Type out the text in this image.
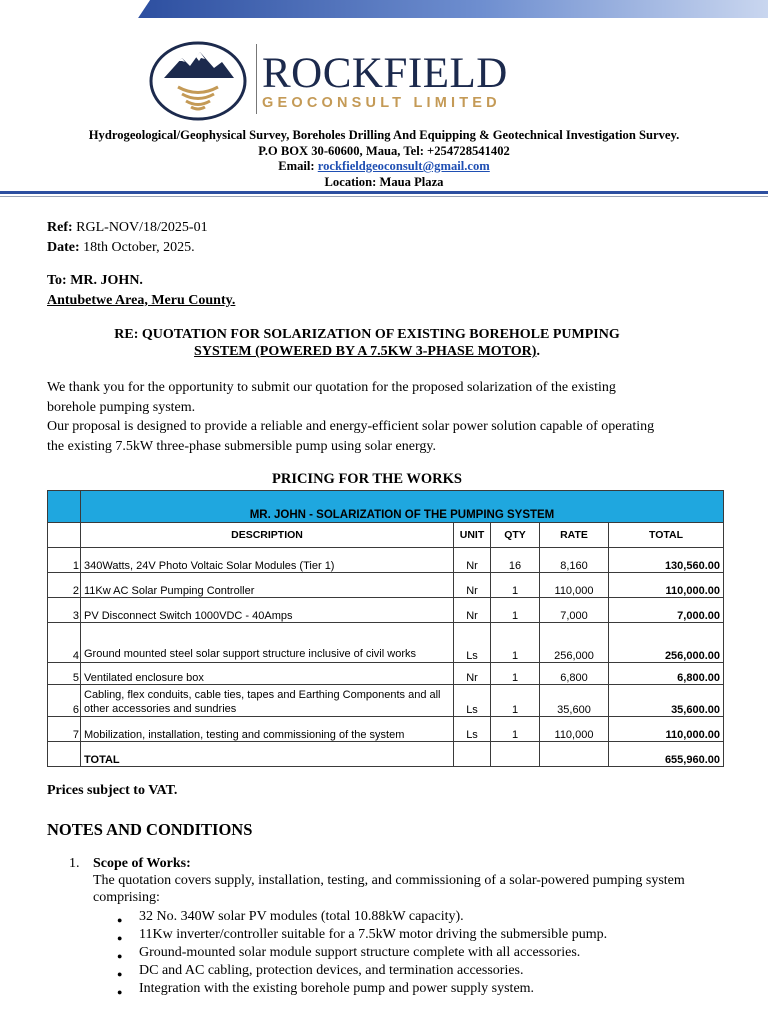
ROCKFIELD
GEOCONSULT LIMITED
Hydrogeological/Geophysical Survey, Boreholes Drilling And Equipping & Geotechnical Investigation Survey.
P.O BOX 30-60600, Maua, Tel: +254728541402
Email: rockfieldgeoconsult@gmail.com
Location: Maua Plaza

Ref: RGL-NOV/18/2025-01

Date: 18th October, 2025.

To: MR. JOHN.

Antubetwe Area, Meru County.

RE: QUOTATION FOR SOLARIZATION OF EXISTING BOREHOLE PUMPING
SYSTEM (POWERED BY A 7.5KW 3-PHASE MOTOR).

We thank you for the opportunity to submit our quotation for the proposed solarization of the existing borehole pumping system.

Our proposal is designed to provide a reliable and energy-efficient solar power solution capable of operating the existing 7.5kW three-phase submersible pump using solar energy.

PRICING FOR THE WORKS
	MR. JOHN - SOLARIZATION OF THE PUMPING SYSTEM				
	DESCRIPTION	UNIT	QTY	RATE	TOTAL
1	340Watts, 24V Photo Voltaic Solar Modules (Tier 1)	Nr	16	8,160	130,560.00
2	11Kw AC Solar Pumping Controller	Nr	1	110,000	110,000.00
3	PV Disconnect Switch 1000VDC - 40Amps	Nr	1	7,000	7,000.00
4	Ground mounted steel solar support structure inclusive of civil works	Ls	1	256,000	256,000.00
5	Ventilated enclosure box	Nr	1	6,800	6,800.00
6	Cabling, flex conduits, cable ties, tapes and Earthing Components and all other accessories and sundries	Ls	1	35,600	35,600.00
7	Mobilization, installation, testing and commissioning of the system	Ls	1	110,000	110,000.00
	TOTAL				655,960.00
Prices subject to VAT.
NOTES AND CONDITIONS
1. Scope of Works:
The quotation covers supply, installation, testing, and commissioning of a solar-powered pumping system comprising:
● 32 No. 340W solar PV modules (total 10.88kW capacity).
● 11Kw inverter/controller suitable for a 7.5kW motor driving the submersible pump.
● Ground-mounted solar module support structure complete with all accessories.
● DC and AC cabling, protection devices, and termination accessories.
● Integration with the existing borehole pump and power supply system.
